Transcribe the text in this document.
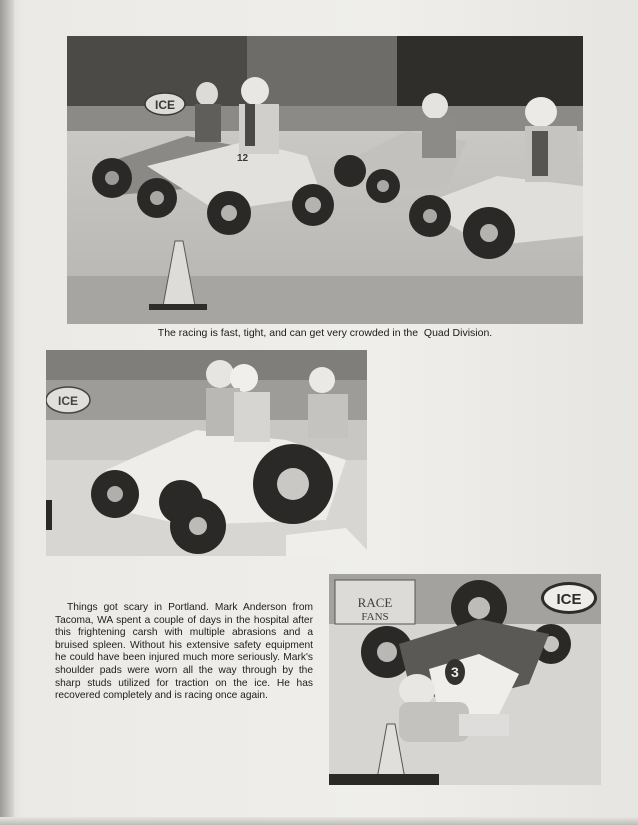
ICE
12
The racing is fast, tight, and can get very crowded in the  Quad Division.
ICE

Things got scary in Portland. Mark Anderson from Tacoma, WA spent a couple of days in the hospital after this frightening carsh with multiple abrasions and a bruised spleen. Without his extensive safety equipment he could have been injured much more seriously. Mark's shoulder pads were worn all the way through by the sharp studs utilized for traction on the ice. He has recovered completely and is racing once again.

RACE
FANS
ICE
3
